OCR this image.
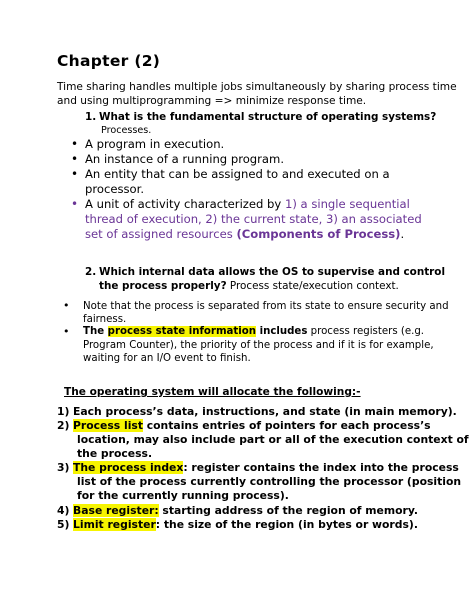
Chapter (2)
Time sharing handles multiple jobs simultaneously by sharing process time
and using multiprogramming => minimize response time.
1. What is the fundamental structure of operating systems?
Processes.
• A program in execution.
• An instance of a running program.
• An entity that can be assigned to and executed on a
processor.
• A unit of activity characterized by 1) a single sequential
thread of execution, 2) the current state, 3) an associated
set of assigned resources (Components of Process).
2. Which internal data allows the OS to supervise and control
the process properly? Process state/execution context.
• Note that the process is separated from its state to ensure security and
fairness.
• The process state information includes process registers (e.g.
Program Counter), the priority of the process and if it is for example,
waiting for an I/O event to finish.
The operating system will allocate the following:-
1) Each process’s data, instructions, and state (in main memory).
2) Process list contains entries of pointers for each process’s
location, may also include part or all of the execution context of
the process.
3) The process index: register contains the index into the process
list of the process currently controlling the processor (position
for the currently running process).
4) Base register: starting address of the region of memory.
5) Limit register: the size of the region (in bytes or words).
